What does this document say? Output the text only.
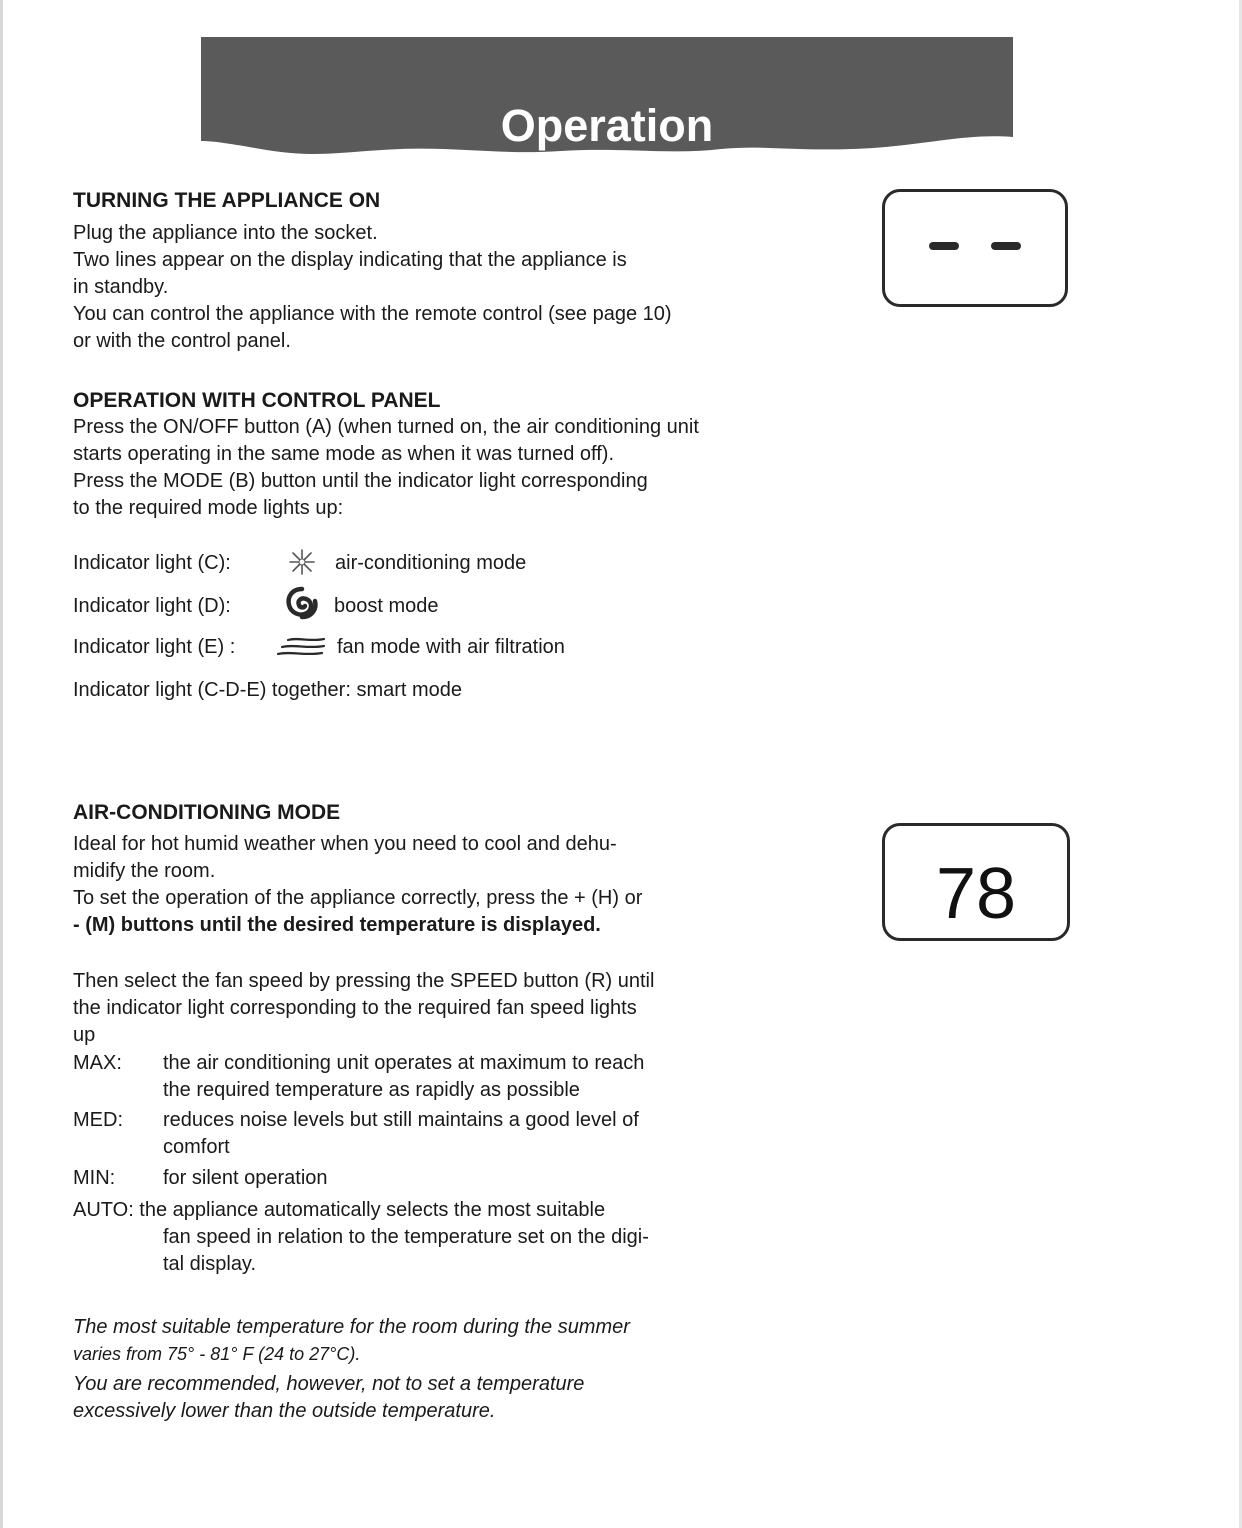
Operation
TURNING THE APPLIANCE ON
Plug the appliance into the socket.
Two lines appear on the display indicating that the appliance is
in standby.
You can control the appliance with the remote control (see page 10)
or with the control panel.
OPERATION WITH CONTROL PANEL
Press the ON/OFF button (A) (when turned on, the air conditioning unit
starts operating in the same mode as when it was turned off).
Press the MODE (B) button until the indicator light corresponding
to the required mode lights up:
Indicator light (C):	air-conditioning mode
Indicator light (D):	boost mode
Indicator light (E) :	fan mode with air filtration
Indicator light (C-D-E) together: smart mode
AIR-CONDITIONING MODE
Ideal for hot humid weather when you need to cool and dehu-
midify the room.
To set the operation of the appliance correctly, press the + (H) or
- (M) buttons until the desired temperature is displayed.	78
Then select the fan speed by pressing the SPEED button (R) until
the indicator light corresponding to the required fan speed lights
up
MAX: the air conditioning unit operates at maximum to reach
the required temperature as rapidly as possible
MED: reduces noise levels but still maintains a good level of
comfort
MIN: for silent operation
AUTO: the appliance automatically selects the most suitable
fan speed in relation to the temperature set on the digi-
tal display.
The most suitable temperature for the room during the summer
varies from 75° - 81° F (24 to 27°C).
You are recommended, however, not to set a temperature
excessively lower than the outside temperature.
